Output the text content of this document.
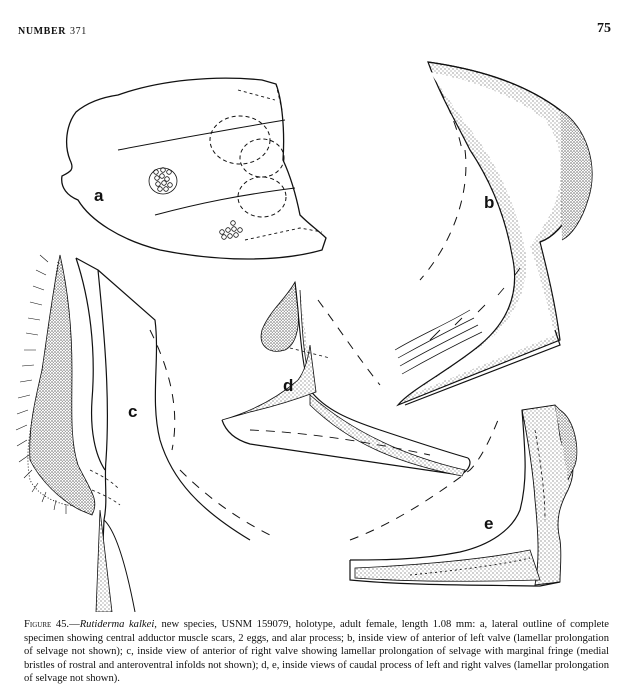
NUMBER 371	75
a	b
c
d
e
Figure 45.—Rutiderma kalkei, new species, USNM 159079, holotype, adult female, length 1.08 mm: a, lateral outline of complete specimen showing central adductor muscle scars, 2 eggs, and alar process; b, inside view of anterior of left valve (lamellar prolongation of selvage not shown); c, inside view of anterior of right valve showing lamellar prolongation of selvage with marginal fringe (medial bristles of rostral and anteroventral infolds not shown); d, e, inside views of caudal process of left and right valves (lamellar prolongation of selvage not shown).
